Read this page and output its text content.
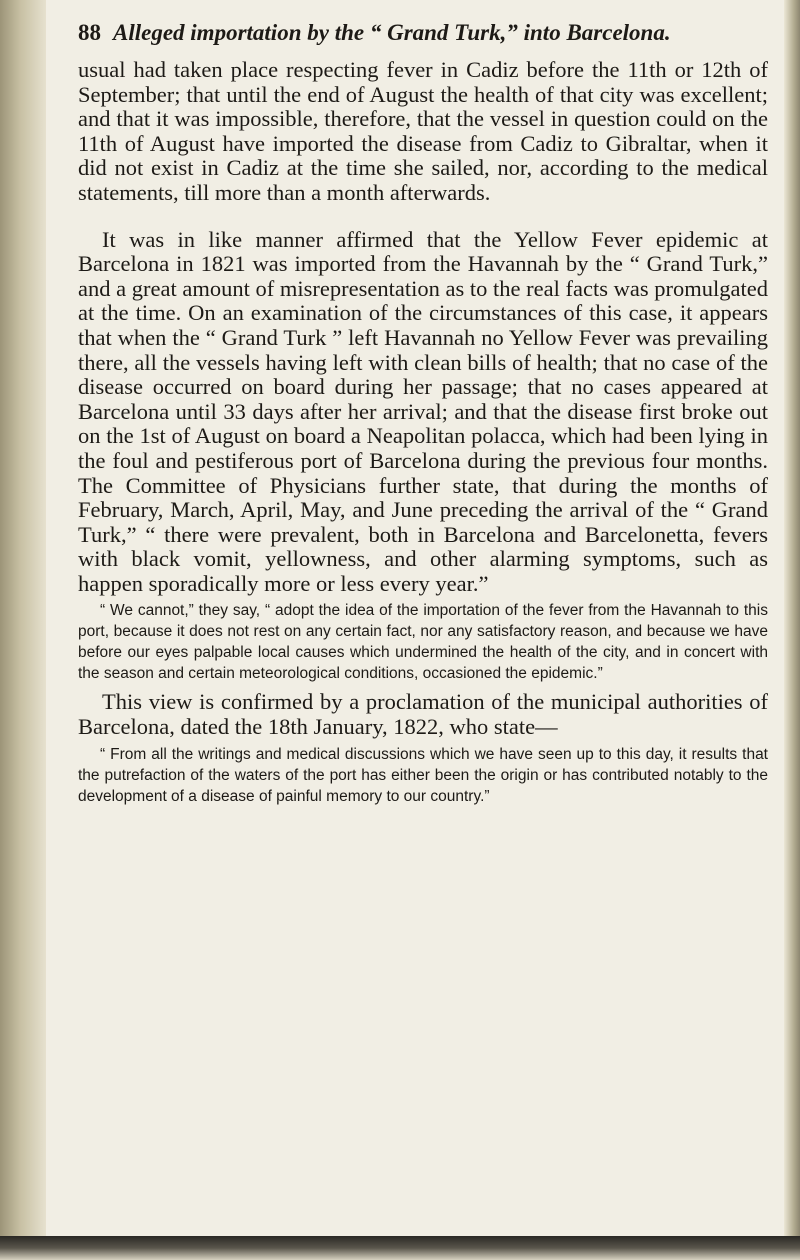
88 Alleged importation by the “ Grand Turk,” into Barcelona.

usual had taken place respecting fever in Cadiz before the 11th or 12th of September; that until the end of August the health of that city was excellent; and that it was impossible, therefore, that the vessel in question could on the 11th of August have imported the disease from Cadiz to Gibraltar, when it did not exist in Cadiz at the time she sailed, nor, according to the medical statements, till more than a month afterwards.

It was in like manner affirmed that the Yellow Fever epidemic at Barcelona in 1821 was imported from the Havannah by the “ Grand Turk,” and a great amount of misrepresentation as to the real facts was promulgated at the time. On an examination of the circumstances of this case, it appears that when the “ Grand Turk ” left Havannah no Yellow Fever was prevailing there, all the vessels having left with clean bills of health; that no case of the disease occurred on board during her passage; that no cases appeared at Barcelona until 33 days after her arrival; and that the disease first broke out on the 1st of August on board a Neapolitan polacca, which had been lying in the foul and pestiferous port of Barcelona during the previous four months. The Committee of Physicians further state, that during the months of February, March, April, May, and June preceding the arrival of the “ Grand Turk,” “ there were prevalent, both in Barcelona and Barcelonetta, fevers with black vomit, yellowness, and other alarming symptoms, such as happen sporadically more or less every year.”

“ We cannot,” they say, “ adopt the idea of the importation of the fever from the Havannah to this port, because it does not rest on any certain fact, nor any satisfactory reason, and because we have before our eyes palpable local causes which undermined the health of the city, and in concert with the season and certain meteorological conditions, occasioned the epidemic.”

This view is confirmed by a proclamation of the municipal authorities of Barcelona, dated the 18th January, 1822, who state—

“ From all the writings and medical discussions which we have seen up to this day, it results that the putrefaction of the waters of the port has either been the origin or has contributed notably to the development of a disease of painful memory to our country.”
